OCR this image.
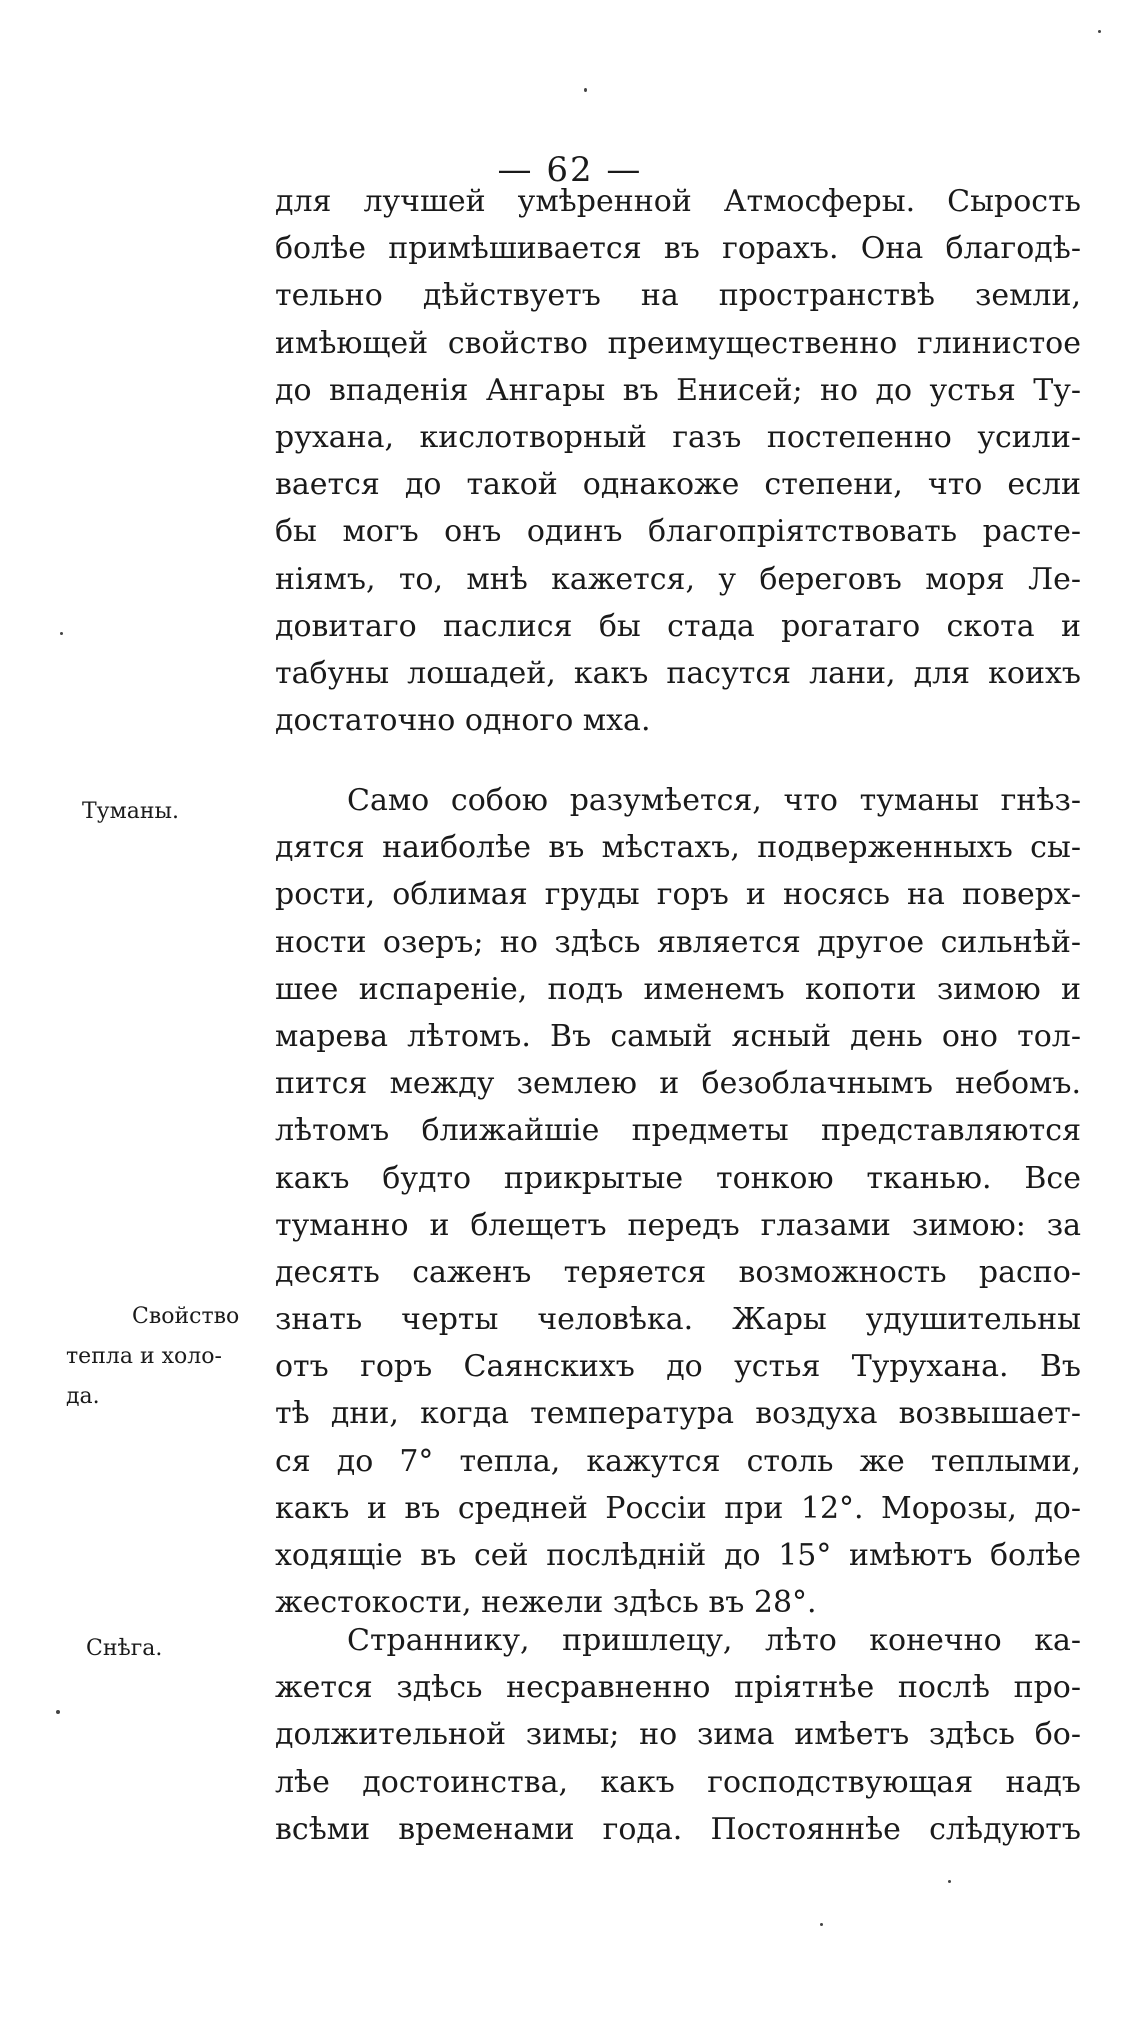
— 62 —
для лучшей умѣренной Атмосферы. Сырость
болѣе примѣшивается въ горахъ. Она благодѣ-
тельно дѣйствуетъ на пространствѣ земли,
имѣющей свойство преимущественно глинистое
до впаденія Ангары въ Енисей; но до устья Ту-
рухана, кислотворный газъ постепенно усили-
вается до такой однакоже степени, что если
бы могъ онъ одинъ благопріятствовать расте-
ніямъ, то, мнѣ кажется, у береговъ моря Ле-
довитаго паслися бы стада рогатаго скота и
табуны лошадей, какъ пасутся лани, для коихъ
достаточно одного мха.
Само собою разумѣется, что туманы гнѣз-
дятся наиболѣе въ мѣстахъ, подверженныхъ сы-
рости, облимая груды горъ и носясь на поверх-
ности озеръ; но здѣсь является другое сильнѣй-
шее испареніе, подъ именемъ копоти зимою и
марева лѣтомъ. Въ самый ясный день оно тол-
пится между землею и безоблачнымъ небомъ.
лѣтомъ ближайшіе предметы представляются
какъ будто прикрытые тонкою тканью. Все
туманно и блещетъ передъ глазами зимою: за
десять саженъ теряется возможность распо-
знать черты человѣка. Жары удушительны
отъ горъ Саянскихъ до устья Турухана. Въ
тѣ дни, когда температура воздуха возвышает-
ся до 7° тепла, кажутся столь же теплыми,
какъ и въ средней Россіи при 12°. Морозы, до-
ходящіе въ сей послѣдній до 15° имѣютъ болѣе
жестокости, нежели здѣсь въ 28°.
Страннику, пришлецу, лѣто конечно ка-
жется здѣсь несравненно пріятнѣе послѣ про-
должительной зимы; но зима имѣетъ здѣсь бо-
лѣе достоинства, какъ господствующая надъ
всѣми временами года. Постояннѣе слѣдуютъ
Туманы.
Свойство
тепла и холо-
да.
Снѣга.
